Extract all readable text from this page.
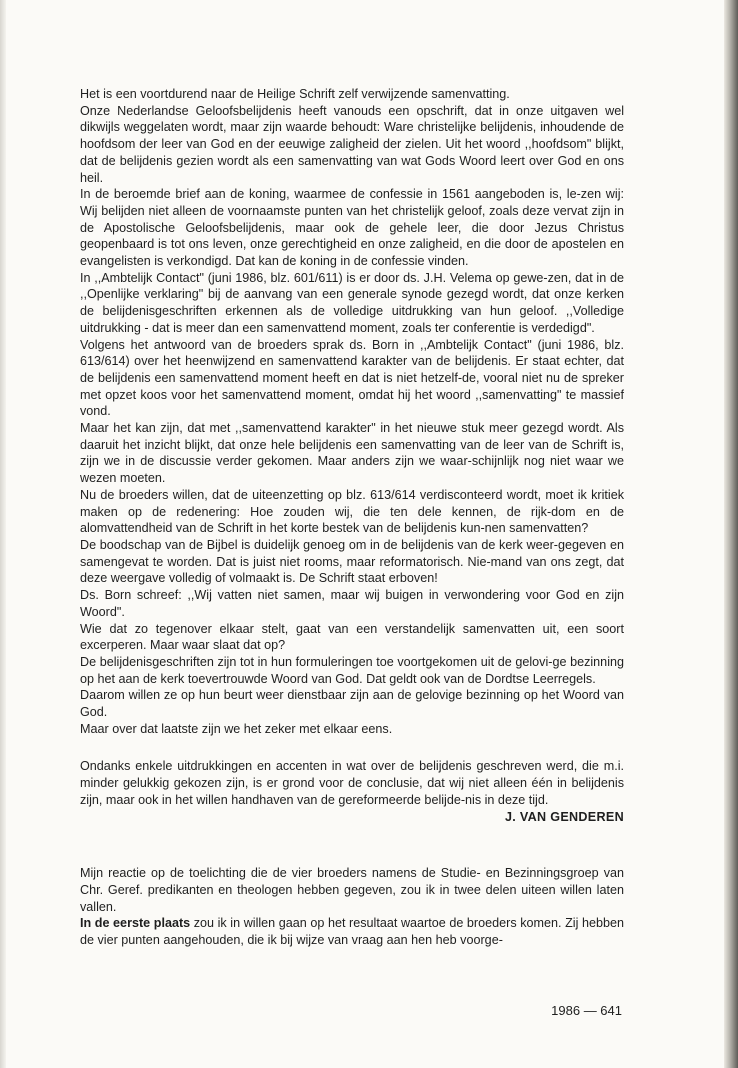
Het is een voortdurend naar de Heilige Schrift zelf verwijzende samenvatting.

Onze Nederlandse Geloofsbelijdenis heeft vanouds een opschrift, dat in onze uitgaven wel dikwijls weggelaten wordt, maar zijn waarde behoudt: Ware christelijke belijdenis, inhoudende de hoofdsom der leer van God en der eeuwige zaligheid der zielen. Uit het woord ,,hoofdsom" blijkt, dat de belijdenis gezien wordt als een samenvatting van wat Gods Woord leert over God en ons heil.

In de beroemde brief aan de koning, waarmee de confessie in 1561 aangeboden is, le-zen wij: Wij belijden niet alleen de voornaamste punten van het christelijk geloof, zoals deze vervat zijn in de Apostolische Geloofsbelijdenis, maar ook de gehele leer, die door Jezus Christus geopenbaard is tot ons leven, onze gerechtigheid en onze zaligheid, en die door de apostelen en evangelisten is verkondigd. Dat kan de koning in de confessie vinden.

In ,,Ambtelijk Contact" (juni 1986, blz. 601/611) is er door ds. J.H. Velema op gewe-zen, dat in de ,,Openlijke verklaring" bij de aanvang van een generale synode gezegd wordt, dat onze kerken de belijdenisgeschriften erkennen als de volledige uitdrukking van hun geloof. ,,Volledige uitdrukking - dat is meer dan een samenvattend moment, zoals ter conferentie is verdedigd".

Volgens het antwoord van de broeders sprak ds. Born in ,,Ambtelijk Contact" (juni 1986, blz. 613/614) over het heenwijzend en samenvattend karakter van de belijdenis. Er staat echter, dat de belijdenis een samenvattend moment heeft en dat is niet hetzelf-de, vooral niet nu de spreker met opzet koos voor het samenvattend moment, omdat hij het woord ,,samenvatting" te massief vond.

Maar het kan zijn, dat met ,,samenvattend karakter" in het nieuwe stuk meer gezegd wordt. Als daaruit het inzicht blijkt, dat onze hele belijdenis een samenvatting van de leer van de Schrift is, zijn we in de discussie verder gekomen. Maar anders zijn we waar-schijnlijk nog niet waar we wezen moeten.

Nu de broeders willen, dat de uiteenzetting op blz. 613/614 verdisconteerd wordt, moet ik kritiek maken op de redenering: Hoe zouden wij, die ten dele kennen, de rijk-dom en de alomvattendheid van de Schrift in het korte bestek van de belijdenis kun-nen samenvatten?

De boodschap van de Bijbel is duidelijk genoeg om in de belijdenis van de kerk weer-gegeven en samengevat te worden. Dat is juist niet rooms, maar reformatorisch. Nie-mand van ons zegt, dat deze weergave volledig of volmaakt is. De Schrift staat erboven!

Ds. Born schreef: ,,Wij vatten niet samen, maar wij buigen in verwondering voor God en zijn Woord".

Wie dat zo tegenover elkaar stelt, gaat van een verstandelijk samenvatten uit, een soort excerperen. Maar waar slaat dat op?

De belijdenisgeschriften zijn tot in hun formuleringen toe voortgekomen uit de gelovi-ge bezinning op het aan de kerk toevertrouwde Woord van God. Dat geldt ook van de Dordtse Leerregels.

Daarom willen ze op hun beurt weer dienstbaar zijn aan de gelovige bezinning op het Woord van God.

Maar over dat laatste zijn we het zeker met elkaar eens.

Ondanks enkele uitdrukkingen en accenten in wat over de belijdenis geschreven werd, die m.i. minder gelukkig gekozen zijn, is er grond voor de conclusie, dat wij niet alleen één in belijdenis zijn, maar ook in het willen handhaven van de gereformeerde belijde-nis in deze tijd.

J. VAN GENDEREN

Mijn reactie op de toelichting die de vier broeders namens de Studie- en Bezinningsgroep van Chr. Geref. predikanten en theologen hebben gegeven, zou ik in twee delen uiteen willen laten vallen.

In de eerste plaats zou ik in willen gaan op het resultaat waartoe de broeders komen. Zij hebben de vier punten aangehouden, die ik bij wijze van vraag aan hen heb voorge-

1986 — 641
